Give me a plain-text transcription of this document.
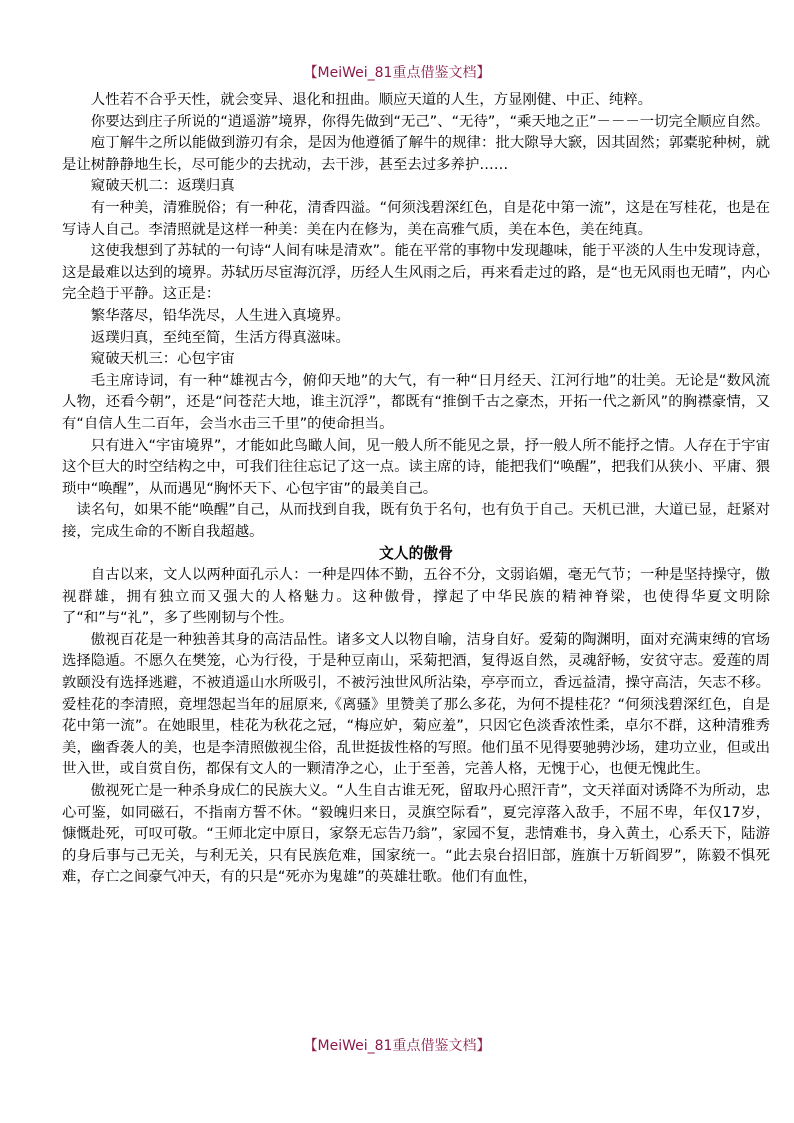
【MeiWei_81重点借鉴文档】

人性若不合乎天性，就会变异、退化和扭曲。顺应天道的人生，方显刚健、中正、纯粹。

你要达到庄子所说的“逍遥游”境界，你得先做到“无己”、“无待”，“乘天地之正”－－－一切完全顺应自然。

庖丁解牛之所以能做到游刃有余，是因为他遵循了解牛的规律：批大隙导大窾，因其固然；郭橐驼种树，就是让树静静地生长，尽可能少的去扰动，去干涉，甚至去过多养护……

窥破天机二：返璞归真

有一种美，清雅脱俗；有一种花，清香四溢。“何须浅碧深红色，自是花中第一流”，这是在写桂花，也是在写诗人自己。李清照就是这样一种美：美在内在修为，美在高雅气质，美在本色，美在纯真。

这使我想到了苏轼的一句诗“人间有味是清欢”。能在平常的事物中发现趣味，能于平淡的人生中发现诗意，这是最难以达到的境界。苏轼历尽宦海沉浮，历经人生风雨之后，再来看走过的路，是“也无风雨也无晴”，内心完全趋于平静。这正是：

繁华落尽，铅华洗尽，人生进入真境界。

返璞归真，至纯至简，生活方得真滋味。

窥破天机三：心包宇宙

毛主席诗词，有一种“雄视古今，俯仰天地”的大气，有一种“日月经天、江河行地”的壮美。无论是“数风流人物，还看今朝”，还是“问苍茫大地，谁主沉浮”，都既有“推倒千古之豪杰，开拓一代之新风”的胸襟豪情，又有“自信人生二百年，会当水击三千里”的使命担当。

只有进入“宇宙境界”，才能如此鸟瞰人间，见一般人所不能见之景，抒一般人所不能抒之情。人存在于宇宙这个巨大的时空结构之中，可我们往往忘记了这一点。读主席的诗，能把我们“唤醒”，把我们从狭小、平庸、猥琐中“唤醒”，从而遇见“胸怀天下、心包宇宙”的最美自己。

读名句，如果不能“唤醒”自己，从而找到自我，既有负于名句，也有负于自己。天机已泄，大道已显，赶紧对接，完成生命的不断自我超越。

文人的傲骨

自古以来，文人以两种面孔示人：一种是四体不勤，五谷不分，文弱谄媚，毫无气节；一种是坚持操守，傲视群雄，拥有独立而又强大的人格魅力。这种傲骨，撑起了中华民族的精神脊梁，也使得华夏文明除了“和”与“礼”，多了些刚韧与个性。

傲视百花是一种独善其身的高洁品性。诸多文人以物自喻，洁身自好。爱菊的陶渊明，面对充满束缚的官场选择隐遁。不愿久在樊笼，心为行役，于是种豆南山，采菊把酒，复得返自然，灵魂舒畅，安贫守志。爱莲的周敦颐没有选择逃避，不被逍遥山水所吸引，不被污浊世风所沾染，亭亭而立，香远益清，操守高洁，矢志不移。爱桂花的李清照，竟埋怨起当年的屈原来,《离骚》里赞美了那么多花，为何不提桂花？“何须浅碧深红色，自是花中第一流”。在她眼里，桂花为秋花之冠，“梅应妒，菊应羞”，只因它色淡香浓性柔，卓尔不群，这种清雅秀美，幽香袭人的美，也是李清照傲视尘俗，乱世挺拔性格的写照。他们虽不见得要驰骋沙场，建功立业，但或出世入世，或自赏自伤，都保有文人的一颗清净之心，止于至善，完善人格，无愧于心，也便无愧此生。

傲视死亡是一种杀身成仁的民族大义。“人生自古谁无死，留取丹心照汗青”，文天祥面对诱降不为所动，忠心可鉴，如同磁石，不指南方誓不休。“毅魄归来日，灵旗空际看”，夏完淳落入敌手，不屈不卑，年仅17岁，慷慨赴死，可叹可敬。“王师北定中原日，家祭无忘告乃翁”，家园不复，悲情难书，身入黄土，心系天下，陆游的身后事与己无关，与利无关，只有民族危难，国家统一。“此去泉台招旧部，旌旗十万斩阎罗”，陈毅不惧死难，存亡之间豪气冲天，有的只是“死亦为鬼雄”的英雄壮歌。他们有血性，

【MeiWei_81重点借鉴文档】
